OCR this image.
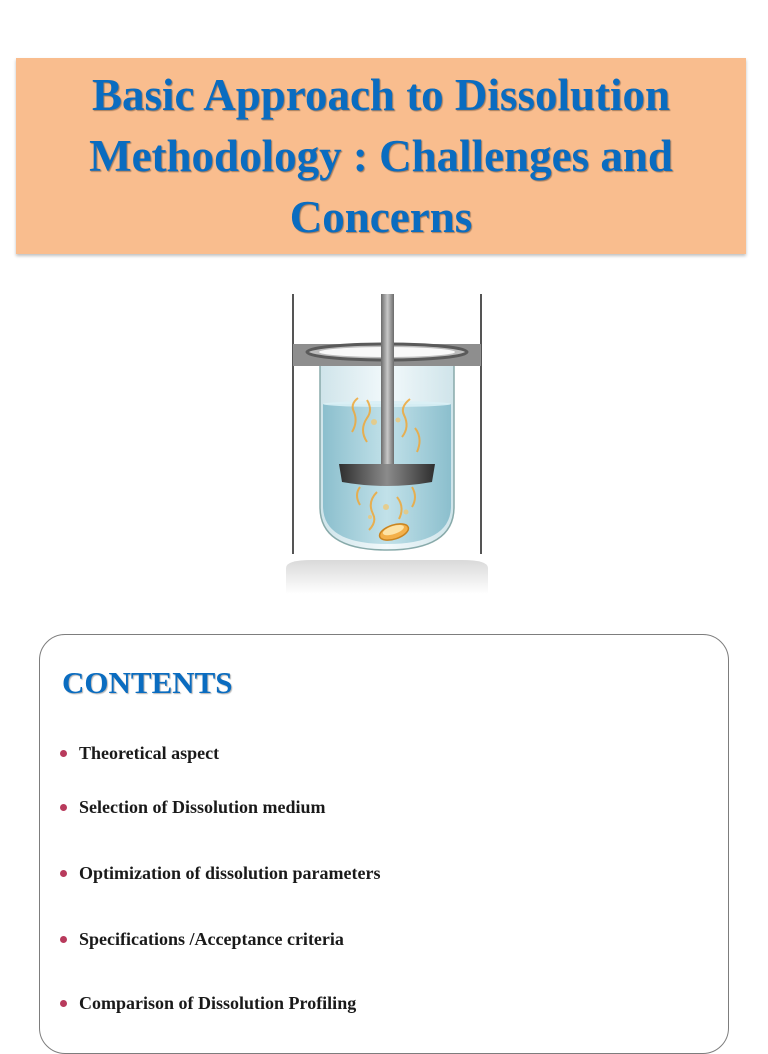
Basic Approach to Dissolution
Methodology : Challenges and
Concerns
CONTENTS
Theoretical aspect
Selection of Dissolution medium
Optimization of dissolution parameters
Specifications /Acceptance criteria
Comparison of Dissolution Profiling
